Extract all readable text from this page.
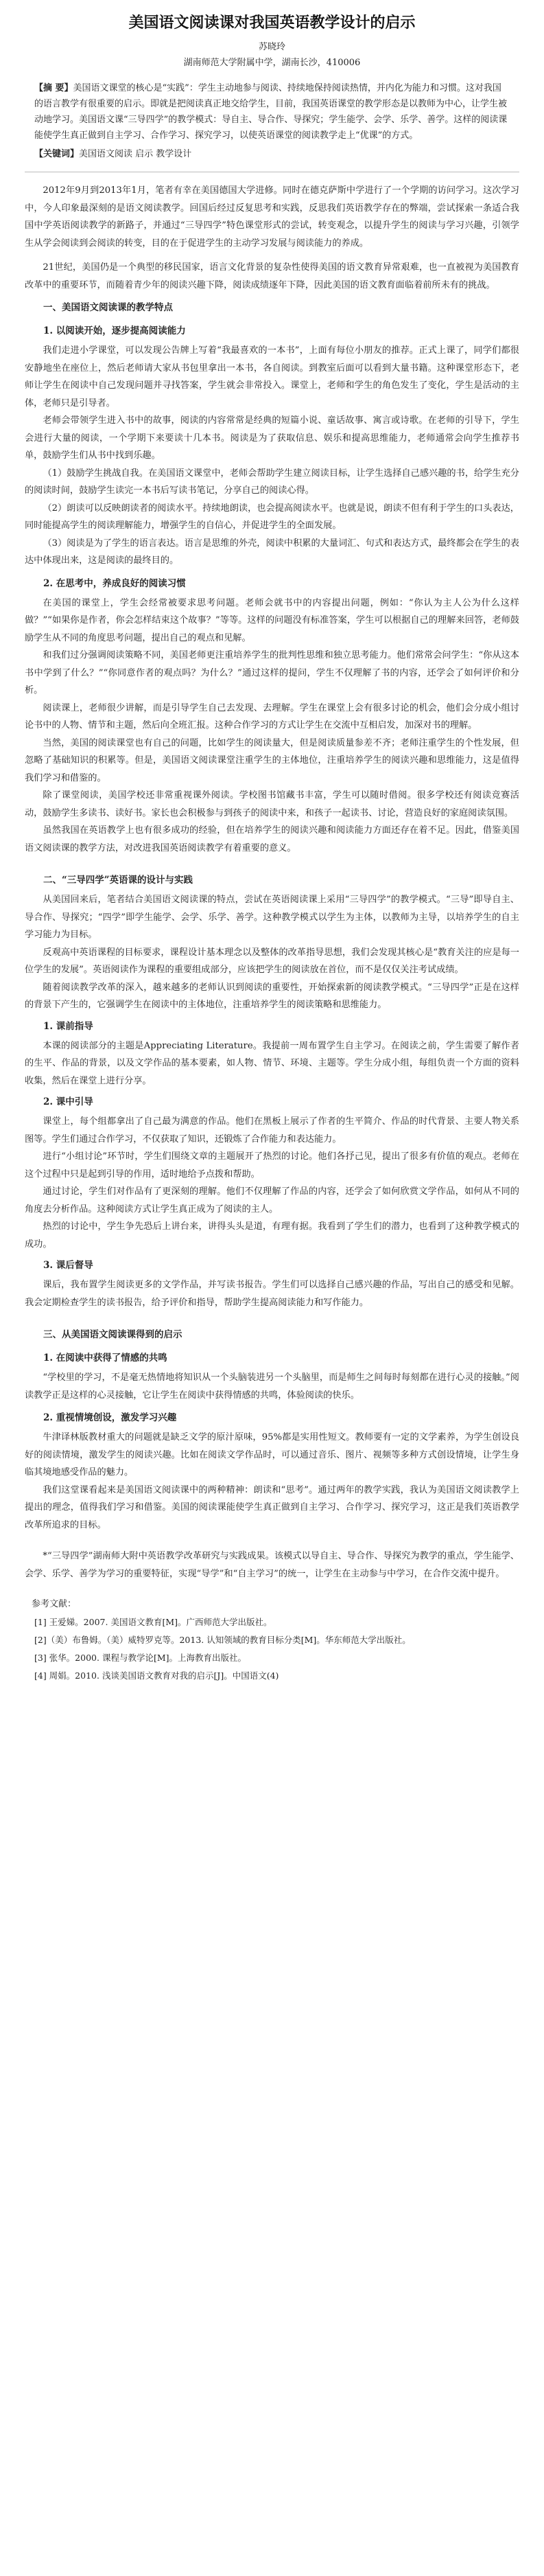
美国语文阅读课对我国英语教学设计的启示
苏晓玲
湖南师范大学附属中学，湖南长沙，410006
【摘 要】美国语文课堂的核心是“实践”：学生主动地参与阅读、持续地保持阅读热情，并内化为能力和习惯。这对我国的语言教学有很重要的启示。即就是把阅读真正地交给学生，目前，我国英语课堂的教学形态是以教师为中心，让学生被动地学习。美国语文课“三导四学”的教学模式：导自主、导合作、导探究；学生能学、会学、乐学、善学。这样的阅读课能使学生真正做到自主学习、合作学习、探究学习，以使英语课堂的阅读教学走上“优课”的方式。
【关键词】美国语文阅读 启示 教学设计

2012年9月到2013年1月，笔者有幸在美国德国大学进修。同时在德克萨斯中学进行了一个学期的访问学习。这次学习中，今人印象最深刻的是语文阅读教学。回国后经过反复思考和实践，反思我们英语教学存在的弊端，尝试探索一条适合我国中学英语阅读教学的新路子，并通过“三导四学”特色课堂形式的尝试，转变观念，以提升学生的阅读与学习兴趣，引领学生从学会阅读到会阅读的转变，目的在于促进学生的主动学习发展与阅读能力的养成。

21世纪，美国仍是一个典型的移民国家，语言文化背景的复杂性使得美国的语文教育异常艰难，也一直被视为美国教育改革中的重要环节，而随着青少年的阅读兴趣下降，阅读成绩逐年下降，因此美国的语文教育面临着前所未有的挑战。

一、美国语文阅读课的教学特点
1. 以阅读开始，逐步提高阅读能力

我们走进小学课堂，可以发现公告牌上写着“我最喜欢的一本书”，上面有每位小朋友的推荐。正式上课了，同学们都很安静地坐在座位上，然后老师请大家从书包里拿出一本书，各自阅读。到教室后面可以看到大量书籍。这种课堂形态下，老师让学生在阅读中自己发现问题并寻找答案，学生就会非常投入。课堂上，老师和学生的角色发生了变化，学生是活动的主体，老师只是引导者。

老师会带领学生进入书中的故事，阅读的内容常常是经典的短篇小说、童话故事、寓言或诗歌。在老师的引导下，学生会进行大量的阅读，一个学期下来要读十几本书。阅读是为了获取信息、娱乐和提高思维能力，老师通常会向学生推荐书单，鼓励学生们从书中找到乐趣。

（1）鼓励学生挑战自我。在美国语文课堂中，老师会帮助学生建立阅读目标，让学生选择自己感兴趣的书，给学生充分的阅读时间，鼓励学生读完一本书后写读书笔记，分享自己的阅读心得。

（2）朗读可以反映朗读者的阅读水平。持续地朗读，也会提高阅读水平。也就是说，朗读不但有利于学生的口头表达，同时能提高学生的阅读理解能力，增强学生的自信心，并促进学生的全面发展。

（3）阅读是为了学生的语言表达。语言是思维的外壳，阅读中积累的大量词汇、句式和表达方式，最终都会在学生的表达中体现出来，这是阅读的最终目的。

2. 在思考中，养成良好的阅读习惯

在美国的课堂上，学生会经常被要求思考问题。老师会就书中的内容提出问题，例如：“你认为主人公为什么这样做？”“如果你是作者，你会怎样结束这个故事？”等等。这样的问题没有标准答案，学生可以根据自己的理解来回答，老师鼓励学生从不同的角度思考问题，提出自己的观点和见解。

和我们过分强调阅读策略不同，美国老师更注重培养学生的批判性思维和独立思考能力。他们常常会问学生：“你从这本书中学到了什么？”“你同意作者的观点吗？为什么？”通过这样的提问，学生不仅理解了书的内容，还学会了如何评价和分析。

阅读课上，老师很少讲解，而是引导学生自己去发现、去理解。学生在课堂上会有很多讨论的机会，他们会分成小组讨论书中的人物、情节和主题，然后向全班汇报。这种合作学习的方式让学生在交流中互相启发，加深对书的理解。

当然，美国的阅读课堂也有自己的问题，比如学生的阅读量大，但是阅读质量参差不齐；老师注重学生的个性发展，但忽略了基础知识的积累等。但是，美国语文阅读课堂注重学生的主体地位，注重培养学生的阅读兴趣和思维能力，这是值得我们学习和借鉴的。

除了课堂阅读，美国学校还非常重视课外阅读。学校图书馆藏书丰富，学生可以随时借阅。很多学校还有阅读竞赛活动，鼓励学生多读书、读好书。家长也会积极参与到孩子的阅读中来，和孩子一起读书、讨论，营造良好的家庭阅读氛围。

虽然我国在英语教学上也有很多成功的经验，但在培养学生的阅读兴趣和阅读能力方面还存在着不足。因此，借鉴美国语文阅读课的教学方法，对改进我国英语阅读教学有着重要的意义。

二、“三导四学”英语课的设计与实践

从美国回来后，笔者结合美国语文阅读课的特点，尝试在英语阅读课上采用“三导四学”的教学模式。“三导”即导自主、导合作、导探究；“四学”即学生能学、会学、乐学、善学。这种教学模式以学生为主体，以教师为主导，以培养学生的自主学习能力为目标。

反观高中英语课程的目标要求，课程设计基本理念以及整体的改革指导思想，我们会发现其核心是“教育关注的应是每一位学生的发展”。英语阅读作为课程的重要组成部分，应该把学生的阅读放在首位，而不是仅仅关注考试成绩。

随着阅读教学改革的深入，越来越多的老师认识到阅读的重要性，开始探索新的阅读教学模式。“三导四学”正是在这样的背景下产生的，它强调学生在阅读中的主体地位，注重培养学生的阅读策略和思维能力。

1. 课前指导

本课的阅读部分的主题是Appreciating Literature。我提前一周布置学生自主学习。在阅读之前，学生需要了解作者的生平、作品的背景，以及文学作品的基本要素，如人物、情节、环境、主题等。学生分成小组，每组负责一个方面的资料收集，然后在课堂上进行分享。

2. 课中引导

课堂上，每个组都拿出了自己最为满意的作品。他们在黑板上展示了作者的生平简介、作品的时代背景、主要人物关系图等。学生们通过合作学习，不仅获取了知识，还锻炼了合作能力和表达能力。

进行“小组讨论”环节时，学生们围绕文章的主题展开了热烈的讨论。他们各抒己见，提出了很多有价值的观点。老师在这个过程中只是起到引导的作用，适时地给予点拨和帮助。

通过讨论，学生们对作品有了更深刻的理解。他们不仅理解了作品的内容，还学会了如何欣赏文学作品，如何从不同的角度去分析作品。这种阅读方式让学生真正成为了阅读的主人。

热烈的讨论中，学生争先恐后上讲台来，讲得头头是道，有理有据。我看到了学生们的潜力，也看到了这种教学模式的成功。

3. 课后督导

课后，我布置学生阅读更多的文学作品，并写读书报告。学生们可以选择自己感兴趣的作品，写出自己的感受和见解。我会定期检查学生的读书报告，给予评价和指导，帮助学生提高阅读能力和写作能力。

三、从美国语文阅读课得到的启示
1. 在阅读中获得了情感的共鸣

“学校里的学习，不是毫无热情地将知识从一个头脑装进另一个头脑里，而是师生之间每时每刻都在进行心灵的接触。”阅读教学正是这样的心灵接触，它让学生在阅读中获得情感的共鸣，体验阅读的快乐。

2. 重视情境创设，激发学习兴趣

牛津译林版教材重大的问题就是缺乏文学的原汁原味，95%都是实用性短文。教师要有一定的文学素养，为学生创设良好的阅读情境，激发学生的阅读兴趣。比如在阅读文学作品时，可以通过音乐、图片、视频等多种方式创设情境，让学生身临其境地感受作品的魅力。

我们这堂课看起来是美国语文阅读课中的两种精神：朗读和“思考”。通过两年的教学实践，我认为美国语文阅读教学上提出的理念，值得我们学习和借鉴。美国的阅读课能使学生真正做到自主学习、合作学习、探究学习，这正是我们英语教学改革所追求的目标。

*“三导四学”湖南师大附中英语教学改革研究与实践成果。该模式以导自主、导合作、导探究为教学的重点，学生能学、会学、乐学、善学为学习的重要特征，实现“导学”和“自主学习”的统一，让学生在主动参与中学习，在合作交流中提升。

参考文献：
[1] 王爱娣。2007. 美国语文教育[M]。广西师范大学出版社。
[2]（美）布鲁姆。（美）威特罗克等。2013. 认知领域的教育目标分类[M]。华东师范大学出版社。
[3] 张华。2000. 课程与教学论[M]。上海教育出版社。
[4] 周娟。2010. 浅谈美国语文教育对我的启示[J]。中国语文(4)
